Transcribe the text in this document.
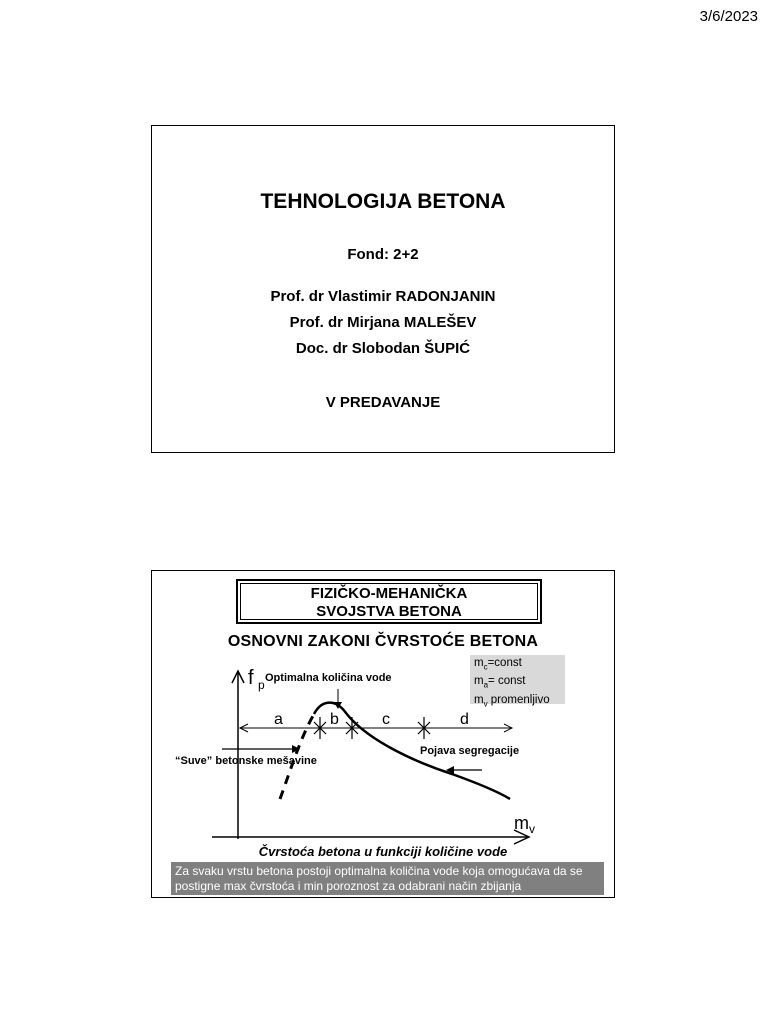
3/6/2023
TEHNOLOGIJA BETONA
Fond: 2+2
Prof. dr Vlastimir RADONJANIN
Prof. dr Mirjana MALEŠEV
Doc. dr Slobodan ŠUPIĆ
V PREDAVANJE
FIZIČKO-MEHANIČKA
SVOJSTVA BETONA
OSNOVNI ZAKONI ČVRSTOĆE BETONA
f p
m v
a	b	c	d
Optimalna količina vode
“Suve” betonske mešavine
Pojava segregacije
$m_c=const$
$m_a=$ const
$m_v$ promenljivo
Čvrstoća betona u funkciji količine vode
Za svaku vrstu betona postoji optimalna količina vode koja omogućava da se postigne max čvrstoća i min poroznost za odabrani način zbijanja
